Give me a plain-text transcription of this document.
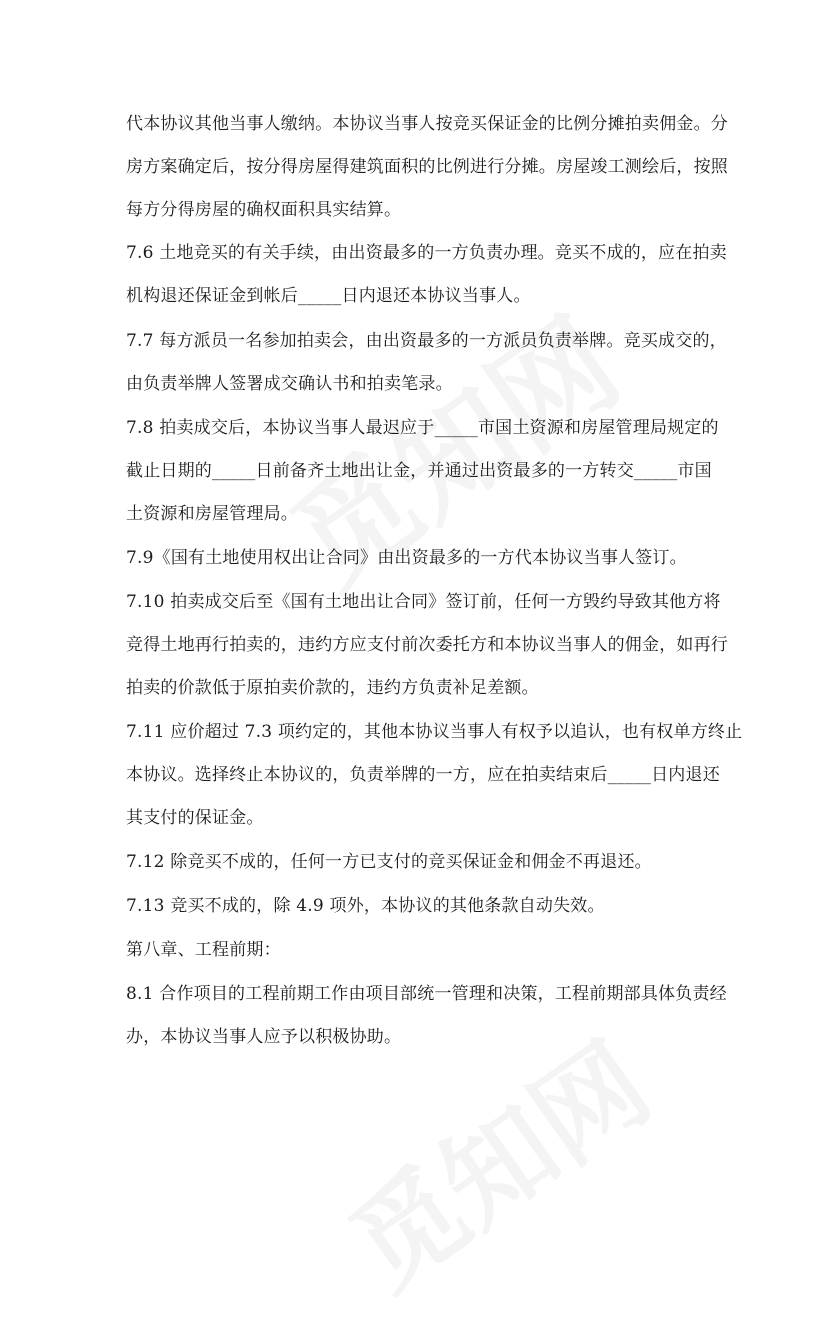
代本协议其他当事人缴纳。本协议当事人按竞买保证金的比例分摊拍卖佣金。分
房方案确定后，按分得房屋得建筑面积的比例进行分摊。房屋竣工测绘后，按照
每方分得房屋的确权面积具实结算。
7.6 土地竞买的有关手续，由出资最多的一方负责办理。竞买不成的，应在拍卖
机构退还保证金到帐后_____日内退还本协议当事人。
7.7 每方派员一名参加拍卖会，由出资最多的一方派员负责举牌。竞买成交的，
由负责举牌人签署成交确认书和拍卖笔录。
7.8 拍卖成交后，本协议当事人最迟应于_____市国土资源和房屋管理局规定的
截止日期的_____日前备齐土地出让金，并通过出资最多的一方转交_____市国
土资源和房屋管理局。
7.9《国有土地使用权出让合同》由出资最多的一方代本协议当事人签订。
7.10 拍卖成交后至《国有土地出让合同》签订前，任何一方毁约导致其他方将
竞得土地再行拍卖的，违约方应支付前次委托方和本协议当事人的佣金，如再行
拍卖的价款低于原拍卖价款的，违约方负责补足差额。
7.11 应价超过 7.3 项约定的，其他本协议当事人有权予以追认，也有权单方终止
本协议。选择终止本协议的，负责举牌的一方，应在拍卖结束后_____日内退还
其支付的保证金。
7.12 除竞买不成的，任何一方已支付的竞买保证金和佣金不再退还。
7.13 竞买不成的，除 4.9 项外，本协议的其他条款自动失效。
第八章、工程前期：
8.1 合作项目的工程前期工作由项目部统一管理和决策，工程前期部具体负责经
办，本协议当事人应予以积极协助。
